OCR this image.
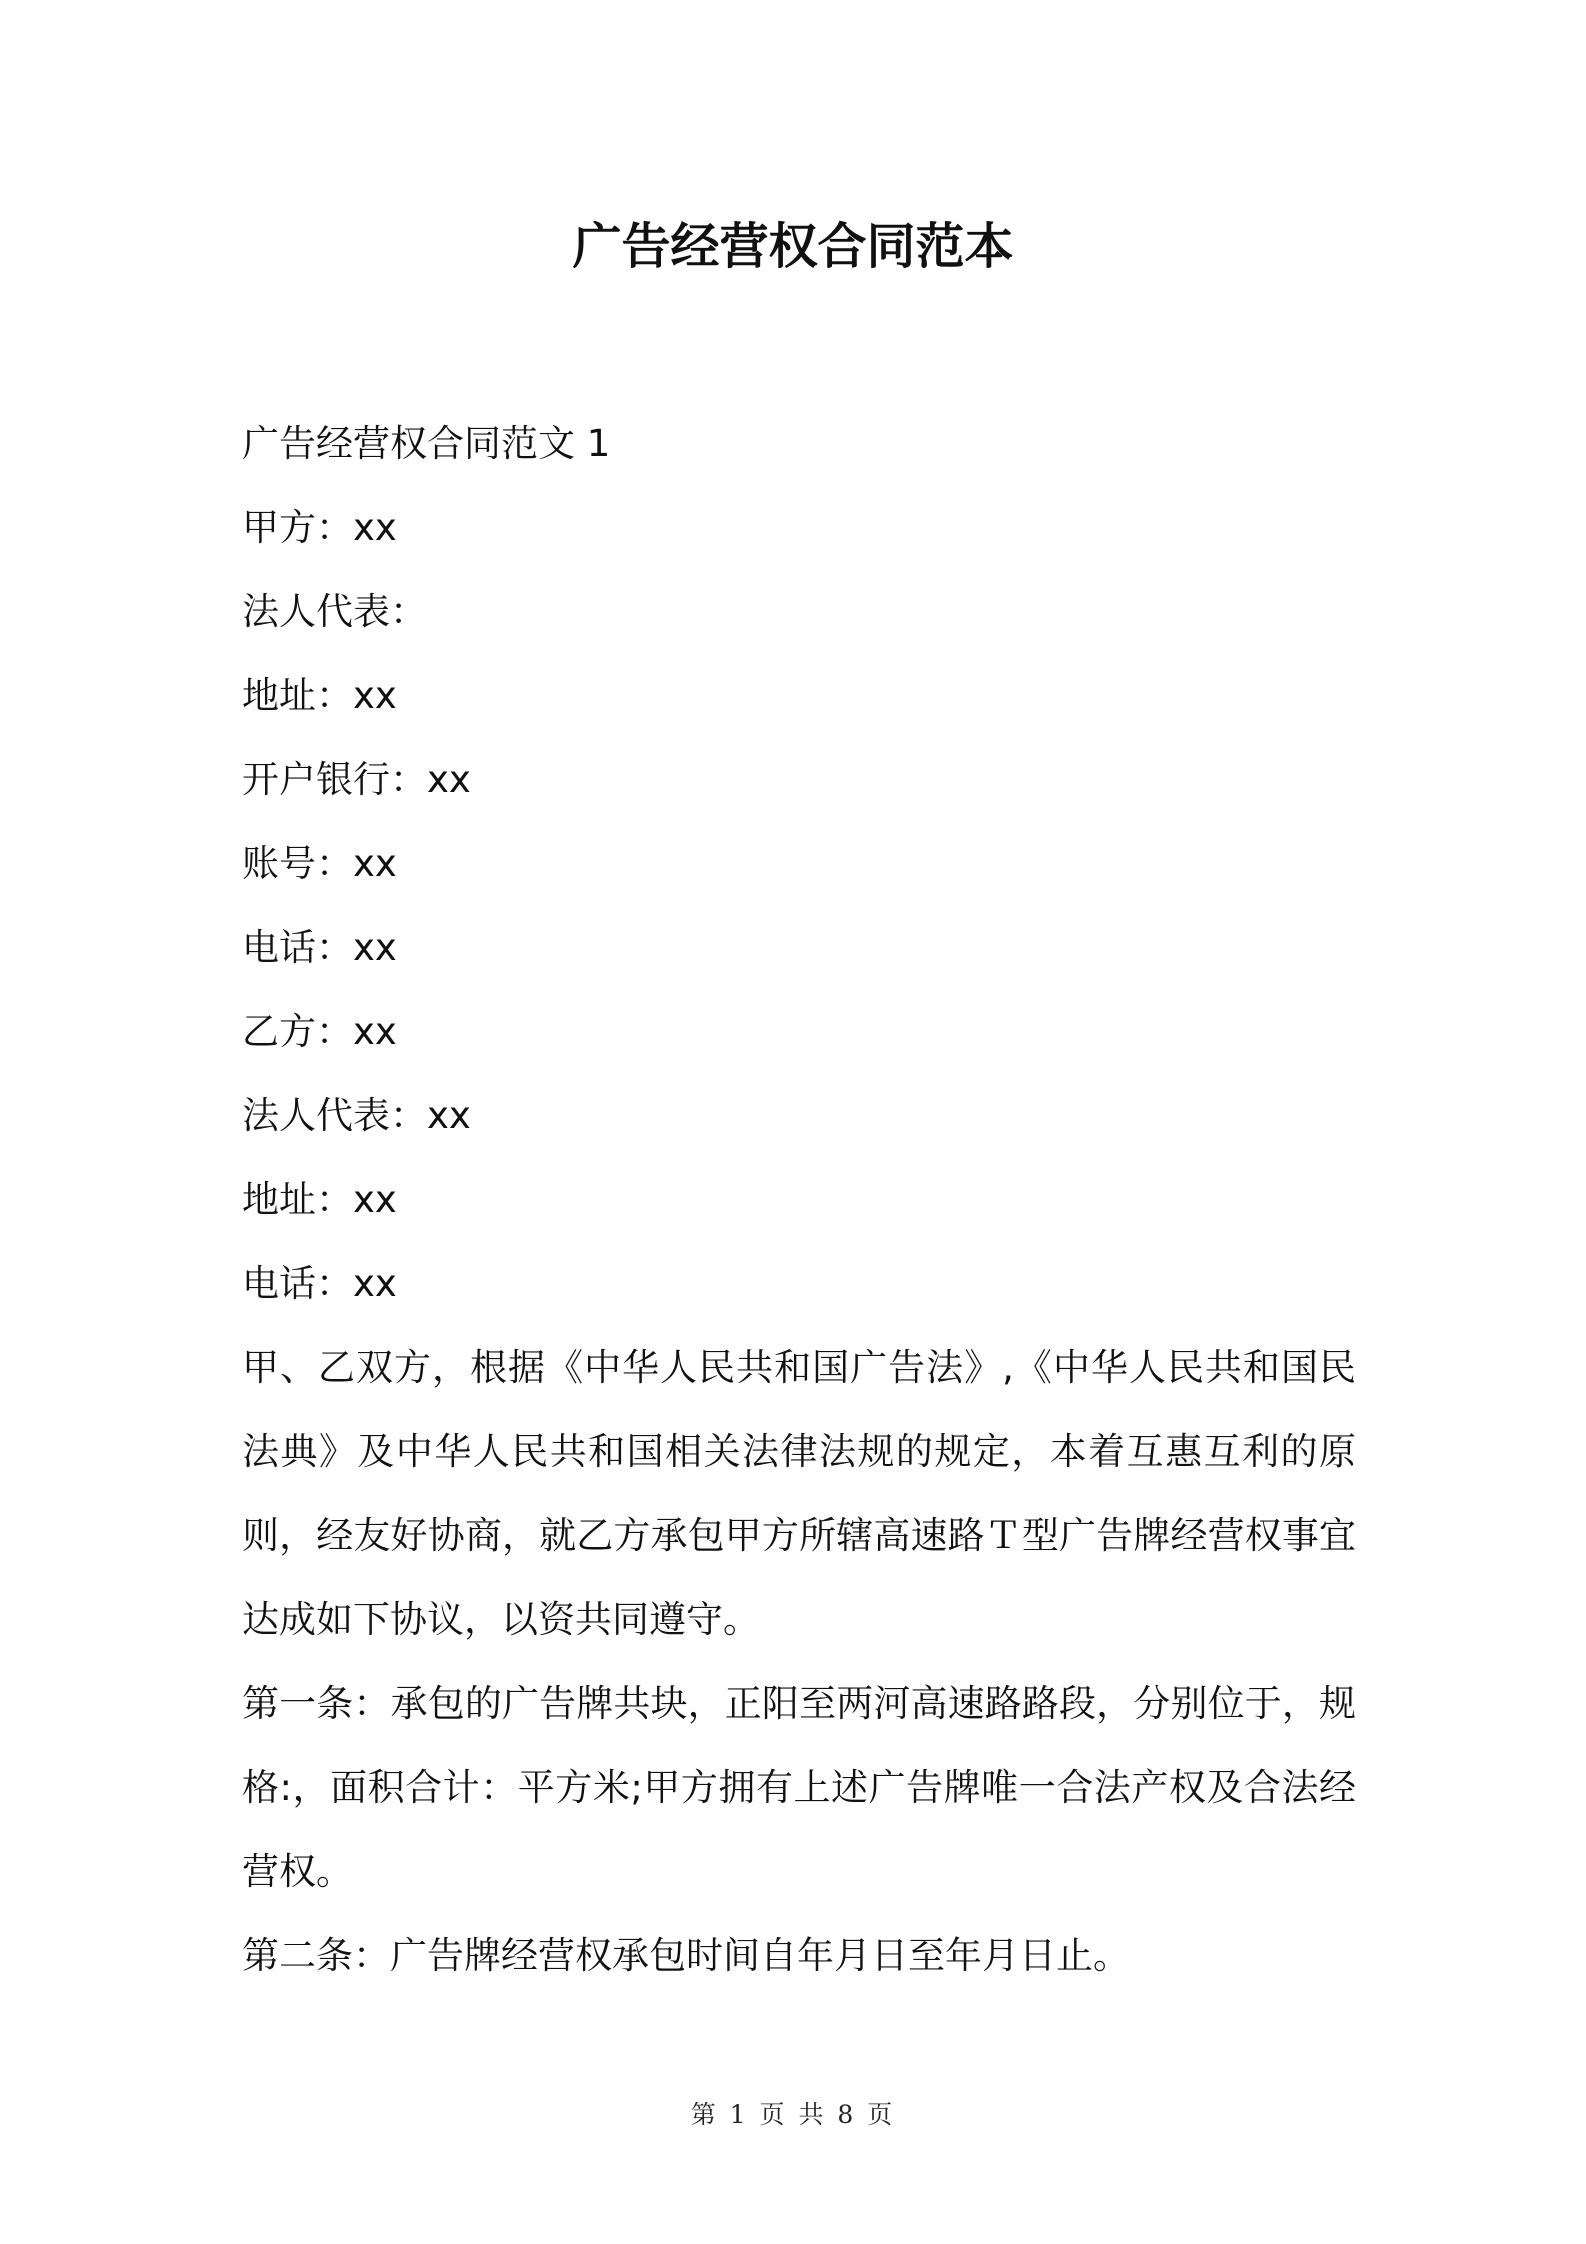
广告经营权合同范本

广告经营权合同范文 1

甲方：xx

法人代表：

地址：xx

开户银行：xx

账号：xx

电话：xx

乙方：xx

法人代表：xx

地址：xx

电话：xx

甲、乙双方，根据《中华人民共和国广告法》,《中华人民共和国民法典》及中华人民共和国相关法律法规的规定，本着互惠互利的原则，经友好协商，就乙方承包甲方所辖高速路Ｔ型广告牌经营权事宜达成如下协议，以资共同遵守。

第一条：承包的广告牌共块，正阳至两河高速路路段，分别位于，规格:，面积合计：平方米;甲方拥有上述广告牌唯一合法产权及合法经营权。

第二条：广告牌经营权承包时间自年月日至年月日止。

第 1 页 共 8 页
